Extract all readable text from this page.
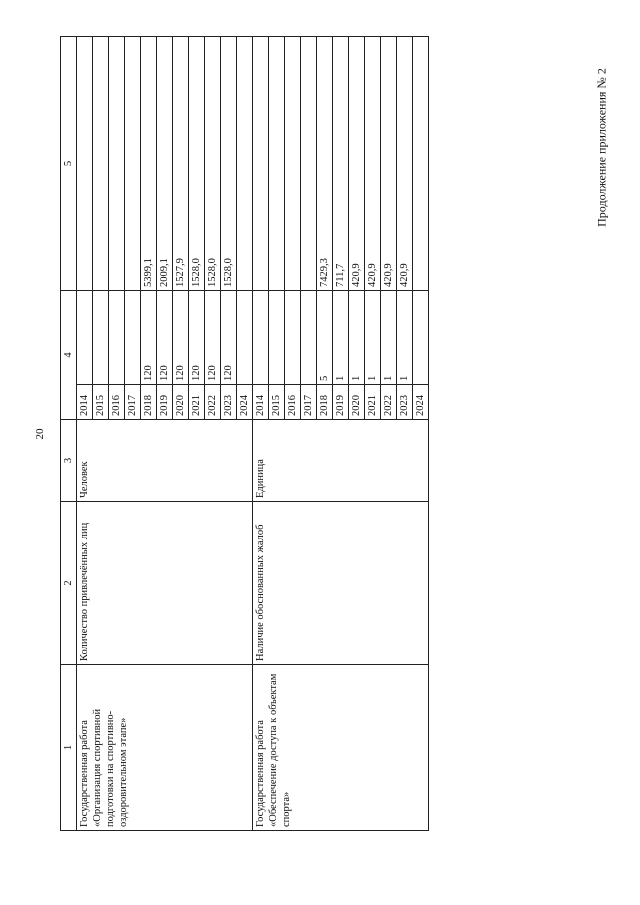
20
Продолжение приложения № 2
1	2	3	4		5
Государственная работа «Организация спортивной подготовки на спортивно-оздоровительном этапе»	Количество привлечённых лиц	Человек	2014		
			2015		
			2016		
			2017		
			2018	120	5399,1
			2019	120	2009,1
			2020	120	1527,9
			2021	120	1528,0
			2022	120	1528,0
			2023	120	1528,0
			2024		
Государственная работа «Обеспечение доступа к объектам спорта»	Наличие обоснованных жалоб	Единица	2014		
			2015		
			2016		
			2017		
			2018	5	7429,3
			2019	1	711,7
			2020	1	420,9
			2021	1	420,9
			2022	1	420,9
			2023	1	420,9
			2024		
